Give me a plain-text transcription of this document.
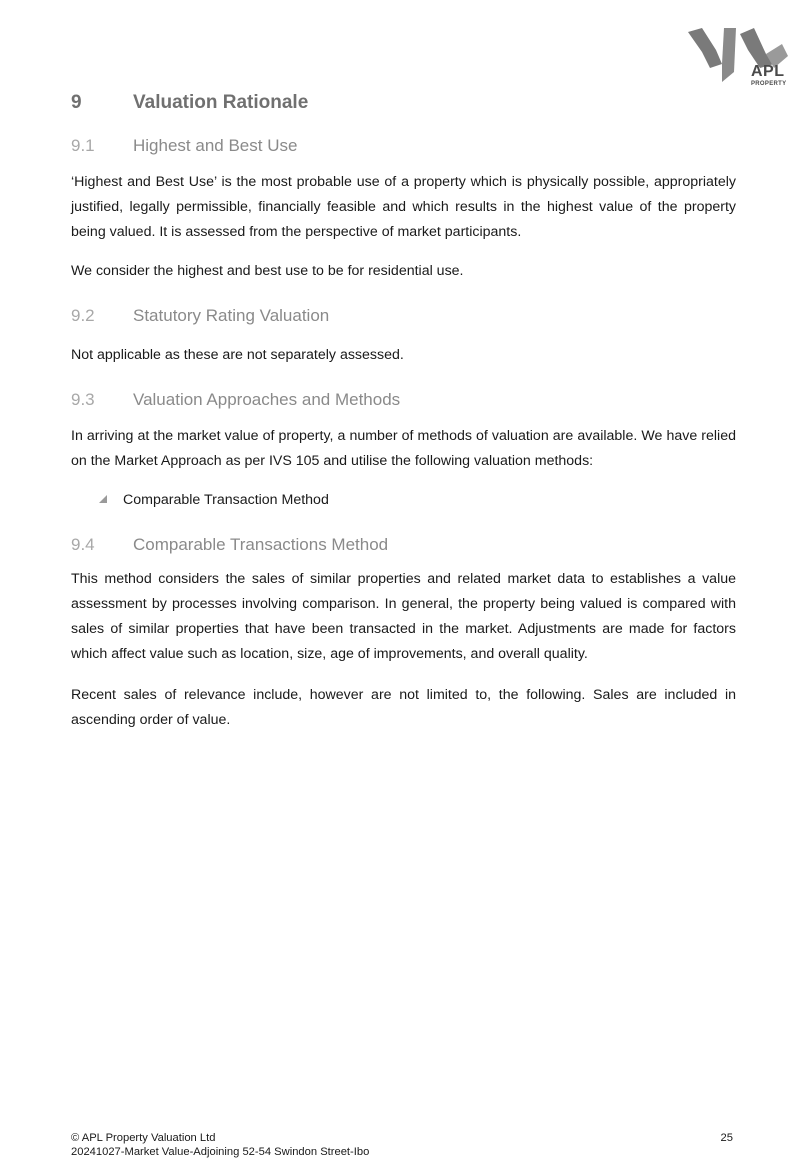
APL
PROPERTY
9	Valuation Rationale
9.1 Highest and Best Use
‘Highest and Best Use’ is the most probable use of a property which is physically possible, appropriately justified, legally permissible, financially feasible and which results in the highest value of the property being valued. It is assessed from the perspective of market participants.
We consider the highest and best use to be for residential use.
9.2 Statutory Rating Valuation
Not applicable as these are not separately assessed.
9.3 Valuation Approaches and Methods
In arriving at the market value of property, a number of methods of valuation are available. We have relied on the Market Approach as per IVS 105 and utilise the following valuation methods:
Comparable Transaction Method
9.4 Comparable Transactions Method
This method considers the sales of similar properties and related market data to establishes a value assessment by processes involving comparison. In general, the property being valued is compared with sales of similar properties that have been transacted in the market. Adjustments are made for factors which affect value such as location, size, age of improvements, and overall quality.
Recent sales of relevance include, however are not limited to, the following. Sales are included in ascending order of value.
© APL Property Valuation Ltd
20241027-Market Value-Adjoining 52-54 Swindon Street-Ibo
25
